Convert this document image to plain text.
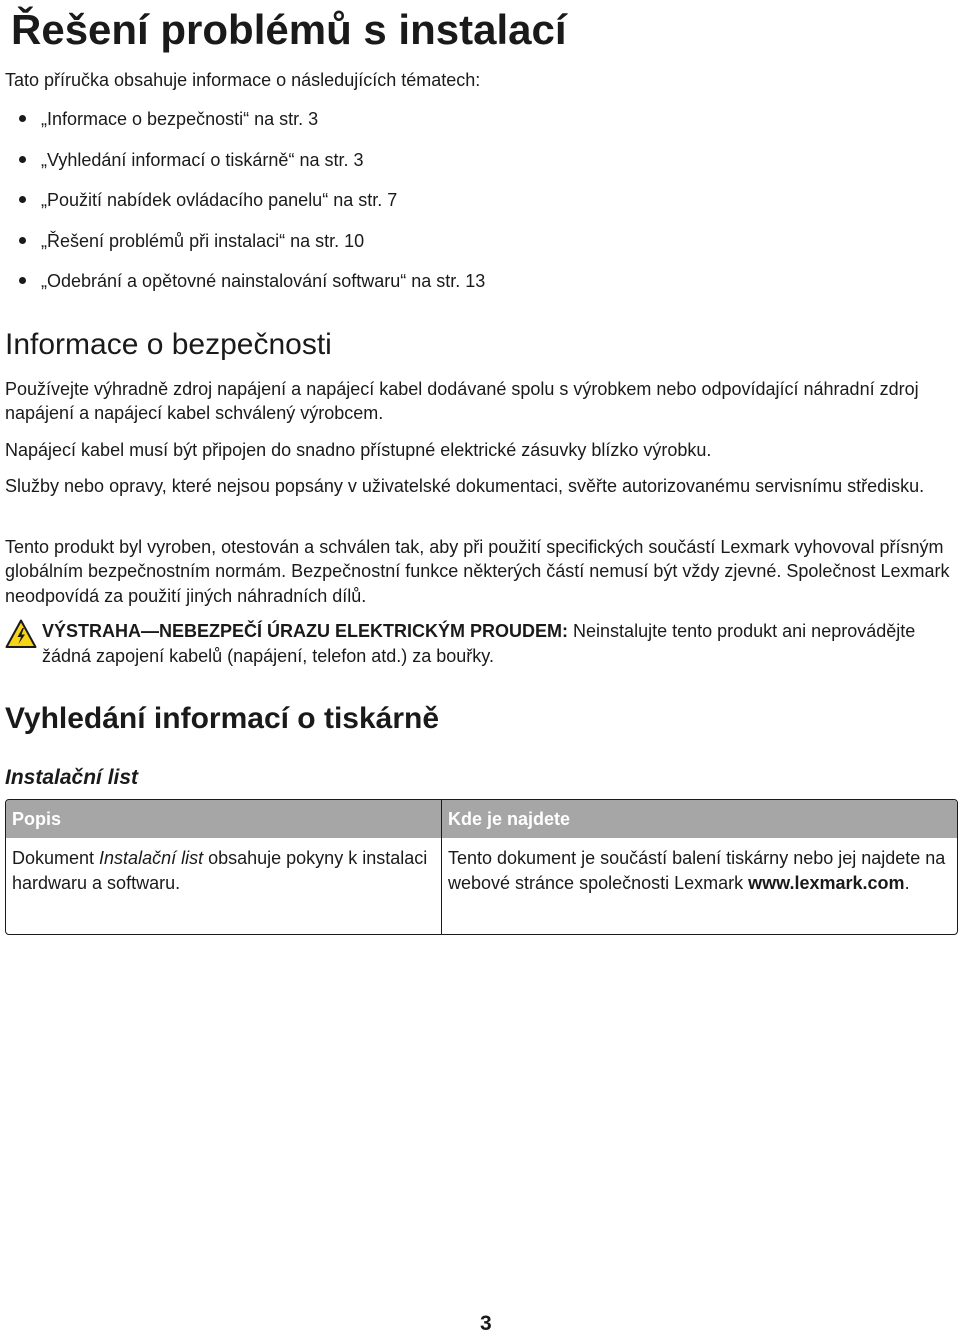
Řešení problémů s instalací

Tato příručka obsahuje informace o následujících tématech:

„Informace o bezpečnosti“ na str. 3
„Vyhledání informací o tiskárně“ na str. 3
„Použití nabídek ovládacího panelu“ na str. 7
„Řešení problémů při instalaci“ na str. 10
„Odebrání a opětovné nainstalování softwaru“ na str. 13
Informace o bezpečnosti

Používejte výhradně zdroj napájení a napájecí kabel dodávané spolu s výrobkem nebo odpovídající náhradní zdroj napájení a napájecí kabel schválený výrobcem.

Napájecí kabel musí být připojen do snadno přístupné elektrické zásuvky blízko výrobku.

Služby nebo opravy, které nejsou popsány v uživatelské dokumentaci, svěřte autorizovanému servisnímu středisku.

Tento produkt byl vyroben, otestován a schválen tak, aby při použití specifických součástí Lexmark vyhovoval přísným globálním bezpečnostním normám. Bezpečnostní funkce některých částí nemusí být vždy zjevné. Společnost Lexmark neodpovídá za použití jiných náhradních dílů.

VÝSTRAHA—NEBEZPEČÍ ÚRAZU ELEKTRICKÝM PROUDEM: Neinstalujte tento produkt ani neprovádějte žádná zapojení kabelů (napájení, telefon atd.) za bouřky.

Vyhledání informací o tiskárně
Instalační list
Popis	Kde je najdete
Dokument Instalační list obsahuje pokyny k instalaci hardwaru a softwaru.	Tento dokument je součástí balení tiskárny nebo jej najdete na webové stránce společnosti Lexmark www.lexmark.com.

3
